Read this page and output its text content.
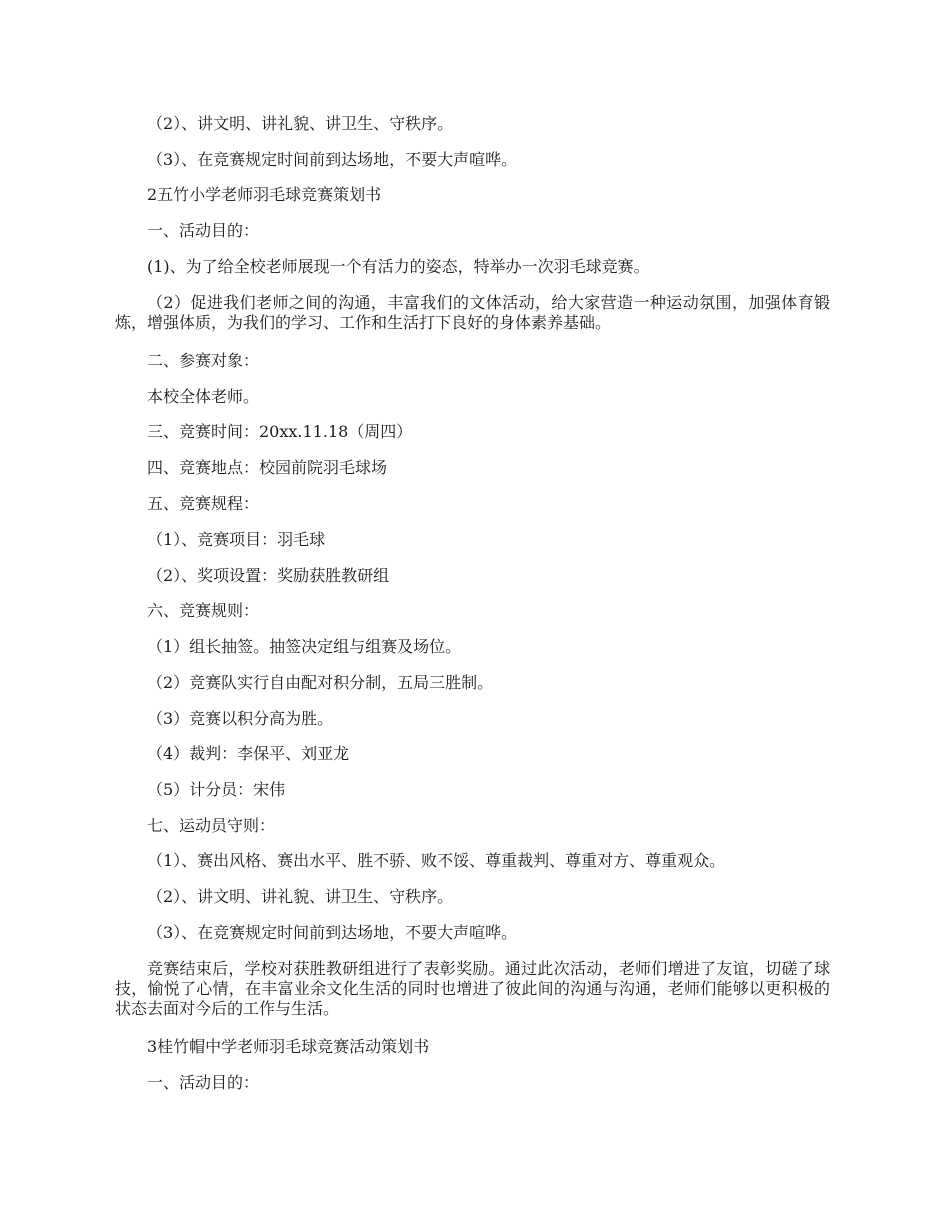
（2）、讲文明、讲礼貌、讲卫生、守秩序。
（3）、在竞赛规定时间前到达场地，不要大声喧哗。
2五竹小学老师羽毛球竞赛策划书
一、活动目的：
(1)、为了给全校老师展现一个有活力的姿态，特举办一次羽毛球竞赛。
（2）促进我们老师之间的沟通，丰富我们的文体活动，给大家营造一种运动氛围，加强体育锻炼，增强体质，为我们的学习、工作和生活打下良好的身体素养基础。
二、参赛对象：
本校全体老师。
三、竞赛时间：20xx.11.18（周四）
四、竞赛地点：校园前院羽毛球场
五、竞赛规程：
（1）、竞赛项目：羽毛球
（2）、奖项设置：奖励获胜教研组
六、竞赛规则：
（1）组长抽签。抽签决定组与组赛及场位。
（2）竞赛队实行自由配对积分制，五局三胜制。
（3）竞赛以积分高为胜。
（4）裁判：李保平、刘亚龙
（5）计分员：宋伟
七、运动员守则：
（1）、赛出风格、赛出水平、胜不骄、败不馁、尊重裁判、尊重对方、尊重观众。
（2）、讲文明、讲礼貌、讲卫生、守秩序。
（3）、在竞赛规定时间前到达场地，不要大声喧哗。
竞赛结束后，学校对获胜教研组进行了表彰奖励。通过此次活动，老师们增进了友谊，切磋了球技，愉悦了心情，在丰富业余文化生活的同时也增进了彼此间的沟通与沟通，老师们能够以更积极的状态去面对今后的工作与生活。
3桂竹帽中学老师羽毛球竞赛活动策划书
一、活动目的：
